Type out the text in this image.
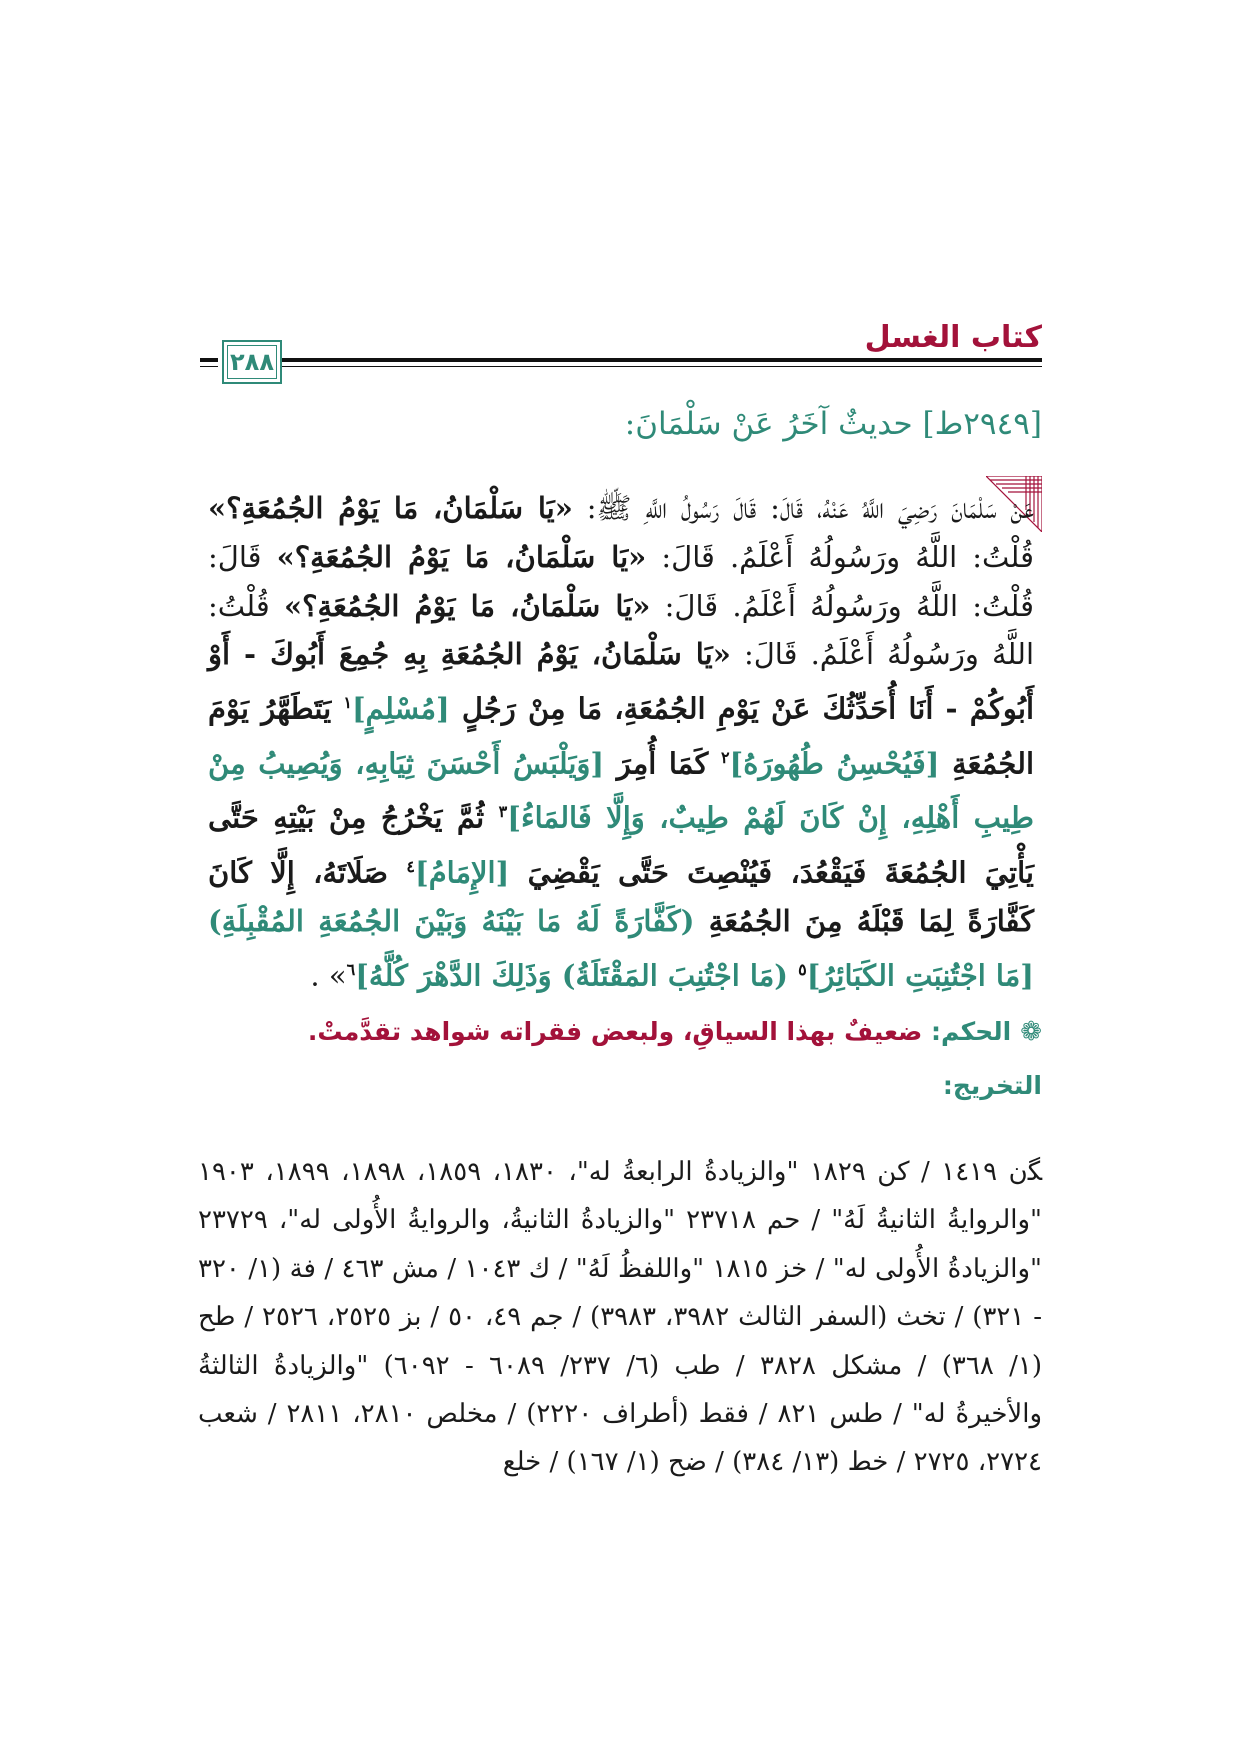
كتاب الغسل
٢٨٨
[٢٩٤٩ط] حديثٌ آخَرُ عَنْ سَلْمَانَ:
عَنْ سَلْمَانَ رَضِيَ اللَّهُ عَنْهُ، قَالَ: قَالَ رَسُولُ اللَّهِ ﷺ: «يَا سَلْمَانُ، مَا يَوْمُ الجُمُعَةِ؟» قُلْتُ: اللَّهُ ورَسُولُهُ أَعْلَمُ. قَالَ: «يَا سَلْمَانُ، مَا يَوْمُ الجُمُعَةِ؟» قَالَ: قُلْتُ: اللَّهُ ورَسُولُهُ أَعْلَمُ. قَالَ: «يَا سَلْمَانُ، مَا يَوْمُ الجُمُعَةِ؟» قُلْتُ: اللَّهُ ورَسُولُهُ أَعْلَمُ. قَالَ: «يَا سَلْمَانُ، يَوْمُ الجُمُعَةِ بِهِ جُمِعَ أَبُوكَ - أَوْ أَبُوكُمْ - أَنَا أُحَدِّثُكَ عَنْ يَوْمِ الجُمُعَةِ، مَا مِنْ رَجُلٍ [مُسْلِمٍ]$^١$ يَتَطَهَّرُ يَوْمَ الجُمُعَةِ [فَيُحْسِنُ طُهُورَهُ]$^٢$ كَمَا أُمِرَ [وَيَلْبَسُ أَحْسَنَ ثِيَابِهِ، وَيُصِيبُ مِنْ طِيبِ أَهْلِهِ، إِنْ كَانَ لَهُمْ طِيبٌ، وَإِلَّا فَالمَاءُ]$^٣$ ثُمَّ يَخْرُجُ مِنْ بَيْتِهِ حَتَّى يَأْتِيَ الجُمُعَةَ فَيَقْعُدَ، فَيُنْصِتَ حَتَّى يَقْضِيَ [الإِمَامُ]$^٤$ صَلَاتَهُ، إِلَّا كَانَ كَفَّارَةً لِمَا قَبْلَهُ مِنَ الجُمُعَةِ (كَفَّارَةً لَهُ مَا بَيْنَهُ وَبَيْنَ الجُمُعَةِ المُقْبِلَةِ) [مَا اجْتُنِبَتِ الكَبَائِرُ]$^٥$ (مَا اجْتُنِبَ المَقْتَلَةُ) وَذَلِكَ الدَّهْرَ كُلَّهُ]$^٦$» .
❁ الحكم: ضعيفٌ بهذا السياقِ، ولبعض فقراته شواهد تقدَّمتْ.
التخريج:
ﮕن ١٤١٩ / كن ١٨٢٩ "والزيادةُ الرابعةُ له"، ١٨٣٠، ١٨٥٩، ١٨٩٨، ١٨٩٩، ١٩٠٣ "والروايةُ الثانيةُ لَهُ" / حم ٢٣٧١٨ "والزيادةُ الثانيةُ، والروايةُ الأُولى له"، ٢٣٧٢٩ "والزيادةُ الأُولى له" / خز ١٨١٥ "واللفظُ لَهُ" / ك ١٠٤٣ / مش ٤٦٣ / فة (١/ ٣٢٠ - ٣٢١) / تخث (السفر الثالث ٣٩٨٢، ٣٩٨٣) / جم ٤٩، ٥٠ / بز ٢٥٢٥، ٢٥٢٦ / طح (١/ ٣٦٨) / مشكل ٣٨٢٨ / طب (٦/ ٢٣٧/ ٦٠٨٩ - ٦٠٩٢) "والزيادةُ الثالثةُ والأخيرةُ له" / طس ٨٢١ / فقط (أطراف ٢٢٢٠) / مخلص ٢٨١٠، ٢٨١١ / شعب ٢٧٢٤، ٢٧٢٥ / خط (١٣/ ٣٨٤) / ضح (١/ ١٦٧) / خلع
